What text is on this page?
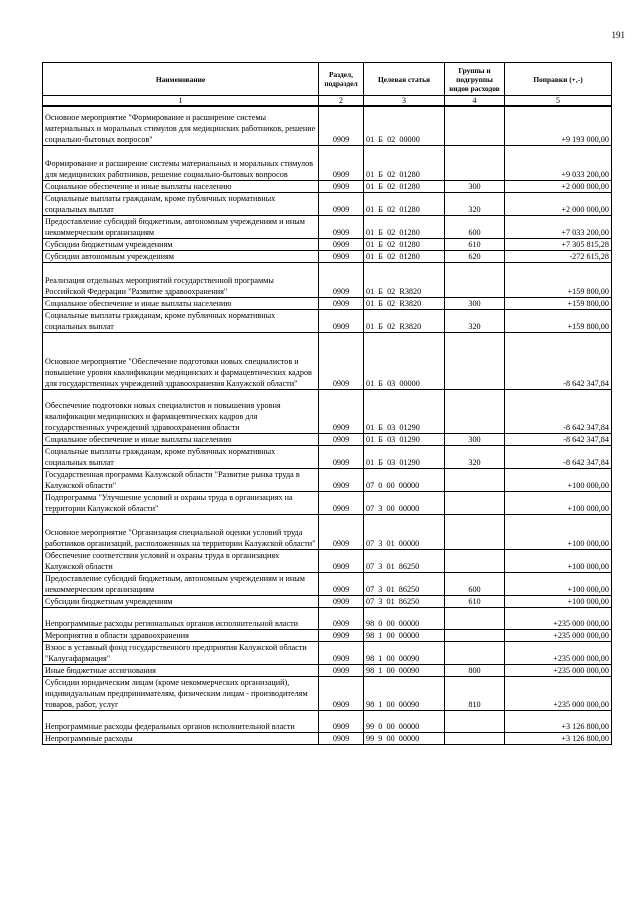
191
Наименование	Раздел, подраздел	Целевая статья	Группы и подгруппы видов расходов	Поправки (+,-)
1	2	3	4	5
Основное мероприятие "Формирование и расширение системы материальных и моральных стимулов для медицинских работников, решение социально-бытовых вопросов"	0909	01  Б  02  00000		+9 193 000,00
Формирование и расширение системы материальных и моральных стимулов для медицинских работников, решение социально-бытовых вопросов	0909	01  Б  02  01280		+9 033 200,00
Социальное обеспечение и иные выплаты населению	0909	01  Б  02  01280	300	+2 000 000,00
Социальные выплаты гражданам, кроме публичных нормативных социальных выплат	0909	01  Б  02  01280	320	+2 000 000,00
Предоставление субсидий бюджетным, автономным учреждениям и иным некоммерческим организациям	0909	01  Б  02  01280	600	+7 033 200,00
Субсидии бюджетным учреждениям	0909	01  Б  02  01280	610	+7 305 815,28
Субсидии автономным учреждениям	0909	01  Б  02  01280	620	-272 615,28
Реализация отдельных мероприятий государственной программы Российской Федерации "Развитие здравоохранения"	0909	01  Б  02  R3820		+159 800,00
Социальное обеспечение и иные выплаты населению	0909	01  Б  02  R3820	300	+159 800,00
Социальные выплаты гражданам, кроме публичных нормативных социальных выплат	0909	01  Б  02  R3820	320	+159 800,00
Основное мероприятие "Обеспечение подготовки новых специалистов и повышение уровня квалификации медицинских и фармацевтических кадров для государственных учреждений здравоохранения Калужской области"	0909	01  Б  03  00000		-8 642 347,84
Обеспечение подготовки новых специалистов и повышения уровня квалификации медицинских и фармацевтических кадров для государственных учреждений здравоохранения области	0909	01  Б  03  01290		-8 642 347,84
Социальное обеспечение и иные выплаты населению	0909	01  Б  03  01290	300	-8 642 347,84
Социальные выплаты гражданам, кроме публичных нормативных социальных выплат	0909	01  Б  03  01290	320	-8 642 347,84
Государственная программа Калужской области "Развитие рынка труда в Калужской области"	0909	07  0  00  00000		+100 000,00
Подпрограмма "Улучшение условий и охраны труда в организациях на территории Калужской области"	0909	07  3  00  00000		+100 000,00
Основное мероприятие "Организация специальной оценки условий труда работников организаций, расположенных на территории Калужской области"	0909	07  3  01  00000		+100 000,00
Обеспечение соответствия условий и охраны труда в организациях Калужской области	0909	07  3  01  86250		+100 000,00
Предоставление субсидий бюджетным, автономным учреждениям и иным некоммерческим организациям	0909	07  3  01  86250	600	+100 000,00
Субсидии бюджетным учреждениям	0909	07  3  01  86250	610	+100 000,00
Непрограммные расходы региональных органов исполнительной власти	0909	98  0  00  00000		+235 000 000,00
Мероприятия в области здравоохранения	0909	98  1  00  00000		+235 000 000,00
Взнос в уставный фонд государственного предприятия Калужской области "Калугафармация"	0909	98  1  00  00090		+235 000 000,00
Иные бюджетные ассигнования	0909	98  1  00  00090	800	+235 000 000,00
Субсидии юридическим лицам (кроме некоммерческих организаций), индивидуальным предпринимателям, физическим лицам - производителям товаров, работ, услуг	0909	98  1  00  00090	810	+235 000 000,00
Непрограммные расходы федеральных органов исполнительной власти	0909	99  0  00  00000		+3 126 800,00
Непрограммные расходы	0909	99  9  00  00000		+3 126 800,00
